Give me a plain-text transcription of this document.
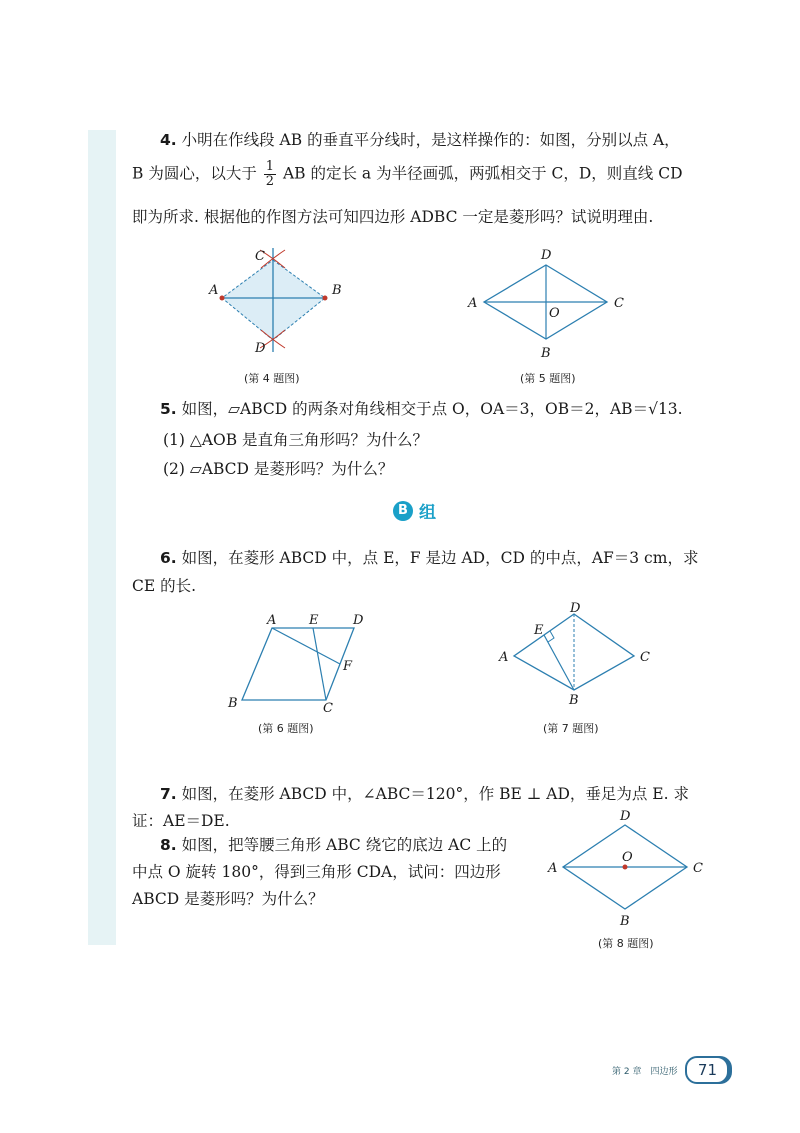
4. 小明在作线段 AB 的垂直平分线时，是这样操作的：如图，分别以点 A，
B 为圆心，以大于 $\frac{1}{2}$ AB 的定长 a 为半径画弧，两弧相交于 C，D，则直线 CD
即为所求. 根据他的作图方法可知四边形 ADBC 一定是菱形吗？试说明理由.
A	B
C
D
(第 4 题图)
D
A	C
B
O
(第 5 题图)
5. 如图，▱ABCD 的两条对角线相交于点 O，OA＝3，OB＝2，AB＝√13.
(1) △AOB 是直角三角形吗？为什么？
(2) ▱ABCD 是菱形吗？为什么？
B 组
6. 如图，在菱形 ABCD 中，点 E，F 是边 AD，CD 的中点，AF＝3 cm，求
CE 的长.
A	E	D
F
B	C
(第 6 题图)
D
E
A	C
B
(第 7 题图)
7. 如图，在菱形 ABCD 中，∠ABC＝120°，作 BE ⊥ AD，垂足为点 E. 求
证：AE＝DE.
8. 如图，把等腰三角形 ABC 绕它的底边 AC 上的
中点 O 旋转 180°，得到三角形 CDA，试问：四边形
ABCD 是菱形吗？为什么？
D
A	C
B
O
(第 8 题图)
第 2 章　四边形	71
